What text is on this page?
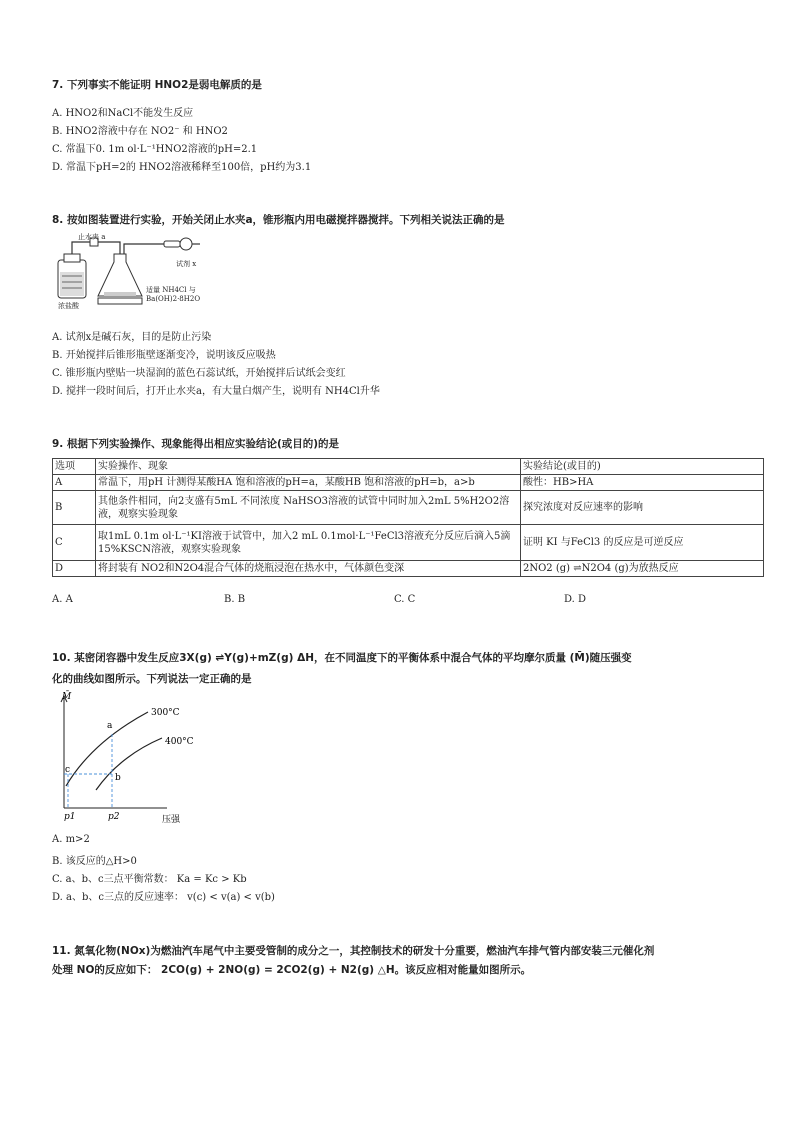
7. 下列事实不能证明 HNO2是弱电解质的是
A. HNO2和NaCl不能发生反应
B. HNO2溶液中存在 NO2⁻ 和 HNO2
C. 常温下0. 1m ol·L⁻¹HNO2溶液的pH=2.1
D. 常温下pH=2的 HNO2溶液稀释至100倍，pH约为3.1
8. 按如图装置进行实验，开始关闭止水夹a，锥形瓶内用电磁搅拌器搅拌。下列相关说法正确的是
止水夹 a
试剂 x
浓盐酸
适量 NH4Cl 与
Ba(OH)2·8H2O
A. 试剂x是碱石灰，目的是防止污染
B. 开始搅拌后锥形瓶壁逐渐变冷，说明该反应吸热
C. 锥形瓶内壁贴一块湿润的蓝色石蕊试纸，开始搅拌后试纸会变红
D. 搅拌一段时间后，打开止水夹a，有大量白烟产生，说明有 NH4Cl升华
9. 根据下列实验操作、现象能得出相应实验结论(或目的)的是
选项	实验操作、现象	实验结论(或目的)
A	常温下，用pH 计测得某酸HA 饱和溶液的pH=a，某酸HB 饱和溶液的pH=b，a>b	酸性：HB>HA
B	其他条件相同，向2支盛有5mL 不同浓度 NaHSO3溶液的试管中同时加入2mL 5%H2O2溶液，观察实验现象	探究浓度对反应速率的影响
C	取1mL 0.1m ol·L⁻¹KI溶液于试管中，加入2 mL 0.1mol·L⁻¹FeCl3溶液充分反应后滴入5滴15%KSCN溶液，观察实验现象	证明 KI 与FeCl3 的反应是可逆反应
D	将封装有 NO2和N2O4混合气体的烧瓶浸泡在热水中，气体颜色变深	2NO2 (g) ⇌N2O4 (g)为放热反应
A. A	B. B	C. C	D. D
10. 某密闭容器中发生反应3X(g) ⇌Y(g)+mZ(g) ΔH，在不同温度下的平衡体系中混合气体的平均摩尔质量 (M̄)随压强变
化的曲线如图所示。下列说法一定正确的是
M̄
压强
p1	p2
300°C
400°C
a
b
c
A. m>2
B. 该反应的△H>0
C. a、b、c三点平衡常数： Ka = Kc > Kb
D. a、b、c三点的反应速率： v(c) < v(a) < v(b)
11. 氮氧化物(NOx)为燃油汽车尾气中主要受管制的成分之一，其控制技术的研发十分重要，燃油汽车排气管内部安装三元催化剂
处理 NO的反应如下： 2CO(g) + 2NO(g) = 2CO2(g) + N2(g) △H。该反应相对能量如图所示。
